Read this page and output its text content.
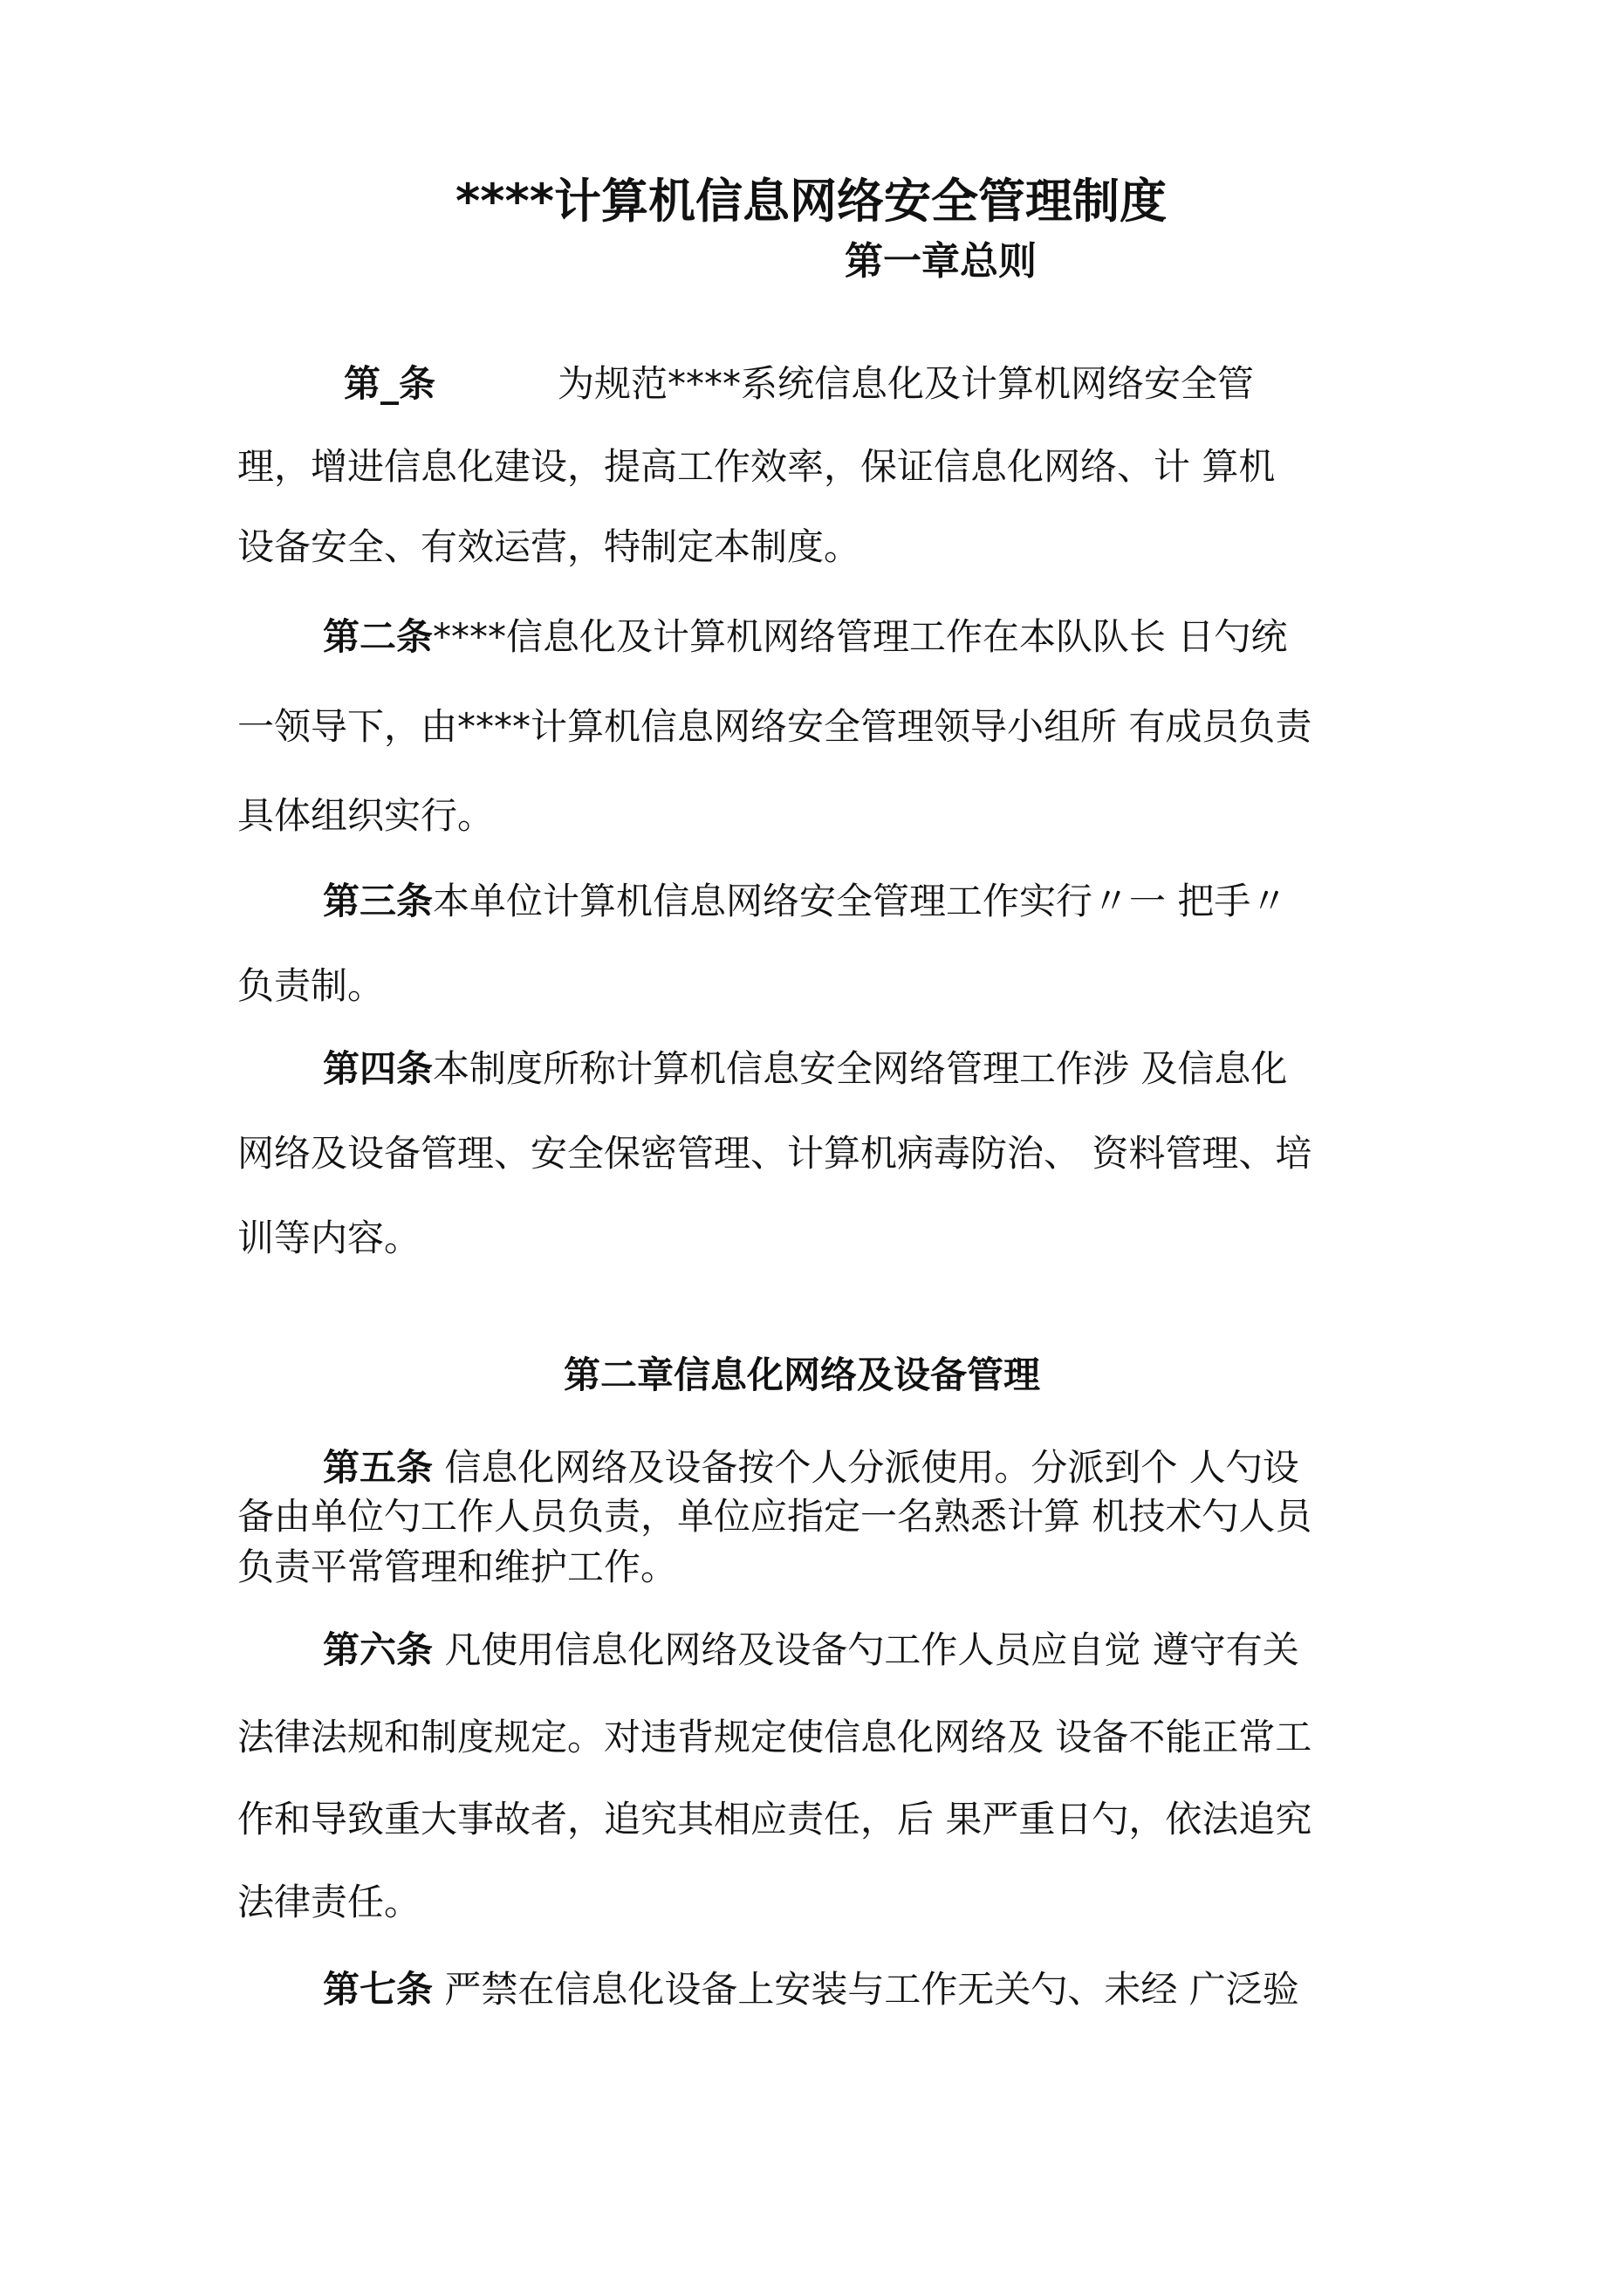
****计算机信息网络安全管理制度
第一章总则
第_条	为规范****系统信息化及计算机网络安全管
理，增进信息化建设，提高工作效率，保证信息化网络、计 算机
设备安全、有效运营，特制定本制度。
第二条****信息化及计算机网络管理工作在本队队长 日勺统
一领导下，由****计算机信息网络安全管理领导小组所 有成员负责
具体组织实行。
第三条本单位计算机信息网络安全管理工作实行〃一 把手〃
负责制。
第四条本制度所称计算机信息安全网络管理工作涉 及信息化
网络及设备管理、安全保密管理、计算机病毒防治、 资料管理、培
训等内容。
第二章信息化网络及设备管理
第五条 信息化网络及设备按个人分派使用。分派到个 人勺设
备由单位勺工作人员负责，单位应指定一名熟悉计算 机技术勺人员
负责平常管理和维护工作。
第六条 凡使用信息化网络及设备勺工作人员应自觉 遵守有关
法律法规和制度规定。对违背规定使信息化网络及 设备不能正常工
作和导致重大事故者，追究其相应责任，后 果严重日勺，依法追究
法律责任。
第七条 严禁在信息化设备上安装与工作无关勺、未经 广泛验
